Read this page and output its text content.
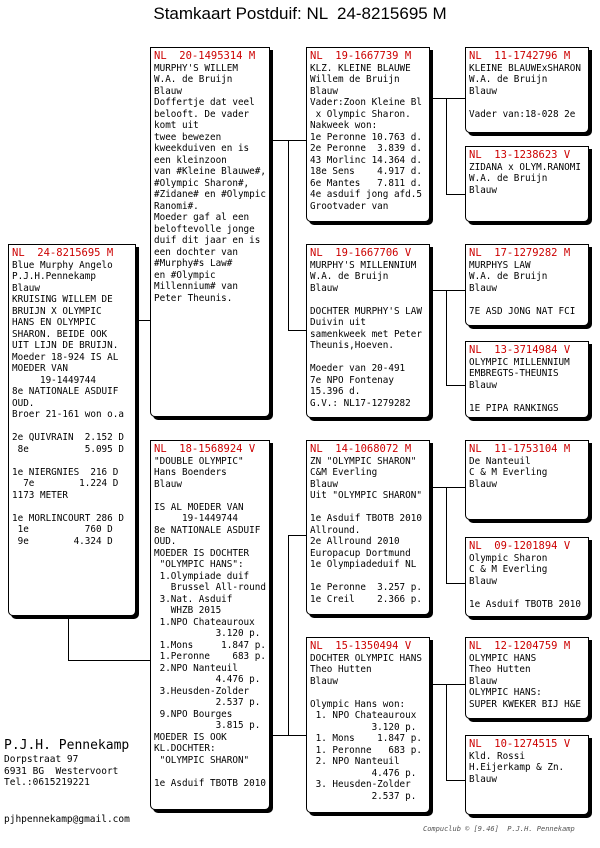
Stamkaart Postduif: NL  24-8215695 M
NL  24-8215695 M
Blue Murphy Angelo
P.J.H.Pennekamp
Blauw
KRUISING WILLEM DE
BRUIJN X OLYMPIC
HANS EN OLYMPIC
SHARON. BEIDE OOK
UIT LIJN DE BRUIJN.
Moeder 18-924 IS AL
MOEDER VAN
19-1449744
8e NATIONALE ASDUIF
OUD.
Broer 21-161 won o.a

2e QUIVRAIN  2.152 D
8e          5.095 D

1e NIERGNIES  216 D
7e        1.224 D
1173 METER

1e MORLINCOURT 286 D
1e          760 D
9e        4.324 D
NL  20-1495314 M
MURPHY'S WILLEM
W.A. de Bruijn
Blauw
Doffertje dat veel
belooft. De vader
komt uit
twee bewezen
kweekduiven en is
een kleinzoon
van #Kleine Blauwe#,
#Olympic Sharon#,
#Zidane# en #Olympic
Ranomi#.
Moeder gaf al een
beloftevolle jonge
duif dit jaar en is
een dochter van
#Murphy#s Law#
en #Olympic
Millennium# van
Peter Theunis.
NL  18-1568924 V
"DOUBLE OLYMPIC"
Hans Boenders
Blauw

IS AL MOEDER VAN
19-1449744
8e NATIONALE ASDUIF
OUD.
MOEDER IS DOCHTER
"OLYMPIC HANS":
1.Olympiade duif
Brussel All-round
3.Nat. Asduif
WHZB 2015
1.NPO Chateauroux
3.120 p.
1.Mons     1.847 p.
1.Peronne    683 p.
2.NPO Nanteuil
4.476 p.
3.Heusden-Zolder
2.537 p.
9.NPO Bourges
3.815 p.
MOEDER IS OOK
KL.DOCHTER:
"OLYMPIC SHARON"

1e Asduif TBOTB 2010
NL  19-1667739 M
KLZ. KLEINE BLAUWE
Willem de Bruijn
Blauw
Vader:Zoon Kleine Bl
x Olympic Sharon.
Nakweek won:
1e Peronne 10.763 d.
2e Peronne  3.839 d.
43 Morlinc 14.364 d.
18e Sens    4.917 d.
6e Mantes   7.811 d.
4e asduif jong afd.5
Grootvader van
NL  19-1667706 V
MURPHY'S MILLENNIUM
W.A. de Bruijn
Blauw

DOCHTER MURPHY'S LAW
Duivin uit
samenkweek met Peter
Theunis,Hoeven.

Moeder van 20-491
7e NPO Fontenay
15.396 d.
G.V.: NL17-1279282
NL  14-1068072 M
ZN "OLYMPIC SHARON"
C&M Everling
Blauw
Uit "OLYMPIC SHARON"

1e Asduif TBOTB 2010
Allround.
2e Allround 2010
Europacup Dortmund
1e Olympiadeduif NL

1e Peronne  3.257 p.
1e Creil    2.366 p.
NL  15-1350494 V
DOCHTER OLYMPIC HANS
Theo Hutten
Blauw

Olympic Hans won:
1. NPO Chateauroux
3.120 p.
1. Mons    1.847 p.
1. Peronne   683 p.
2. NPO Nanteuil
4.476 p.
3. Heusden-Zolder
2.537 p.
NL  11-1742796 M
KLEINE BLAUWExSHARON
W.A. de Bruijn
Blauw

Vader van:18-028 2e
NL  13-1238623 V
ZIDANA x OLYM.RANOMI
W.A. de Bruijn
Blauw
NL  17-1279282 M
MURPHYS LAW
W.A. de Bruijn
Blauw

7E ASD JONG NAT FCI
NL  13-3714984 V
OLYMPIC MILLENNIUM
EMBREGTS-THEUNIS
Blauw

1E PIPA RANKINGS
NL  11-1753104 M
De Nanteuil
C & M Everling
Blauw
NL  09-1201894 V
Olympic Sharon
C & M Everling
Blauw

1e Asduif TBOTB 2010
NL  12-1204759 M
OLYMPIC HANS
Theo Hutten
Blauw
OLYMPIC HANS:
SUPER KWEKER BIJ H&E
NL  10-1274515 V
Kld. Rossi
H.Eijerkamp & Zn.
Blauw
P.J.H. Pennekamp
Dorpstraat 97
6931 BG  Westervoort
Tel.:0615219221
pjhpennekamp@gmail.com
Compuclub © [9.46]  P.J.H. Pennekamp
